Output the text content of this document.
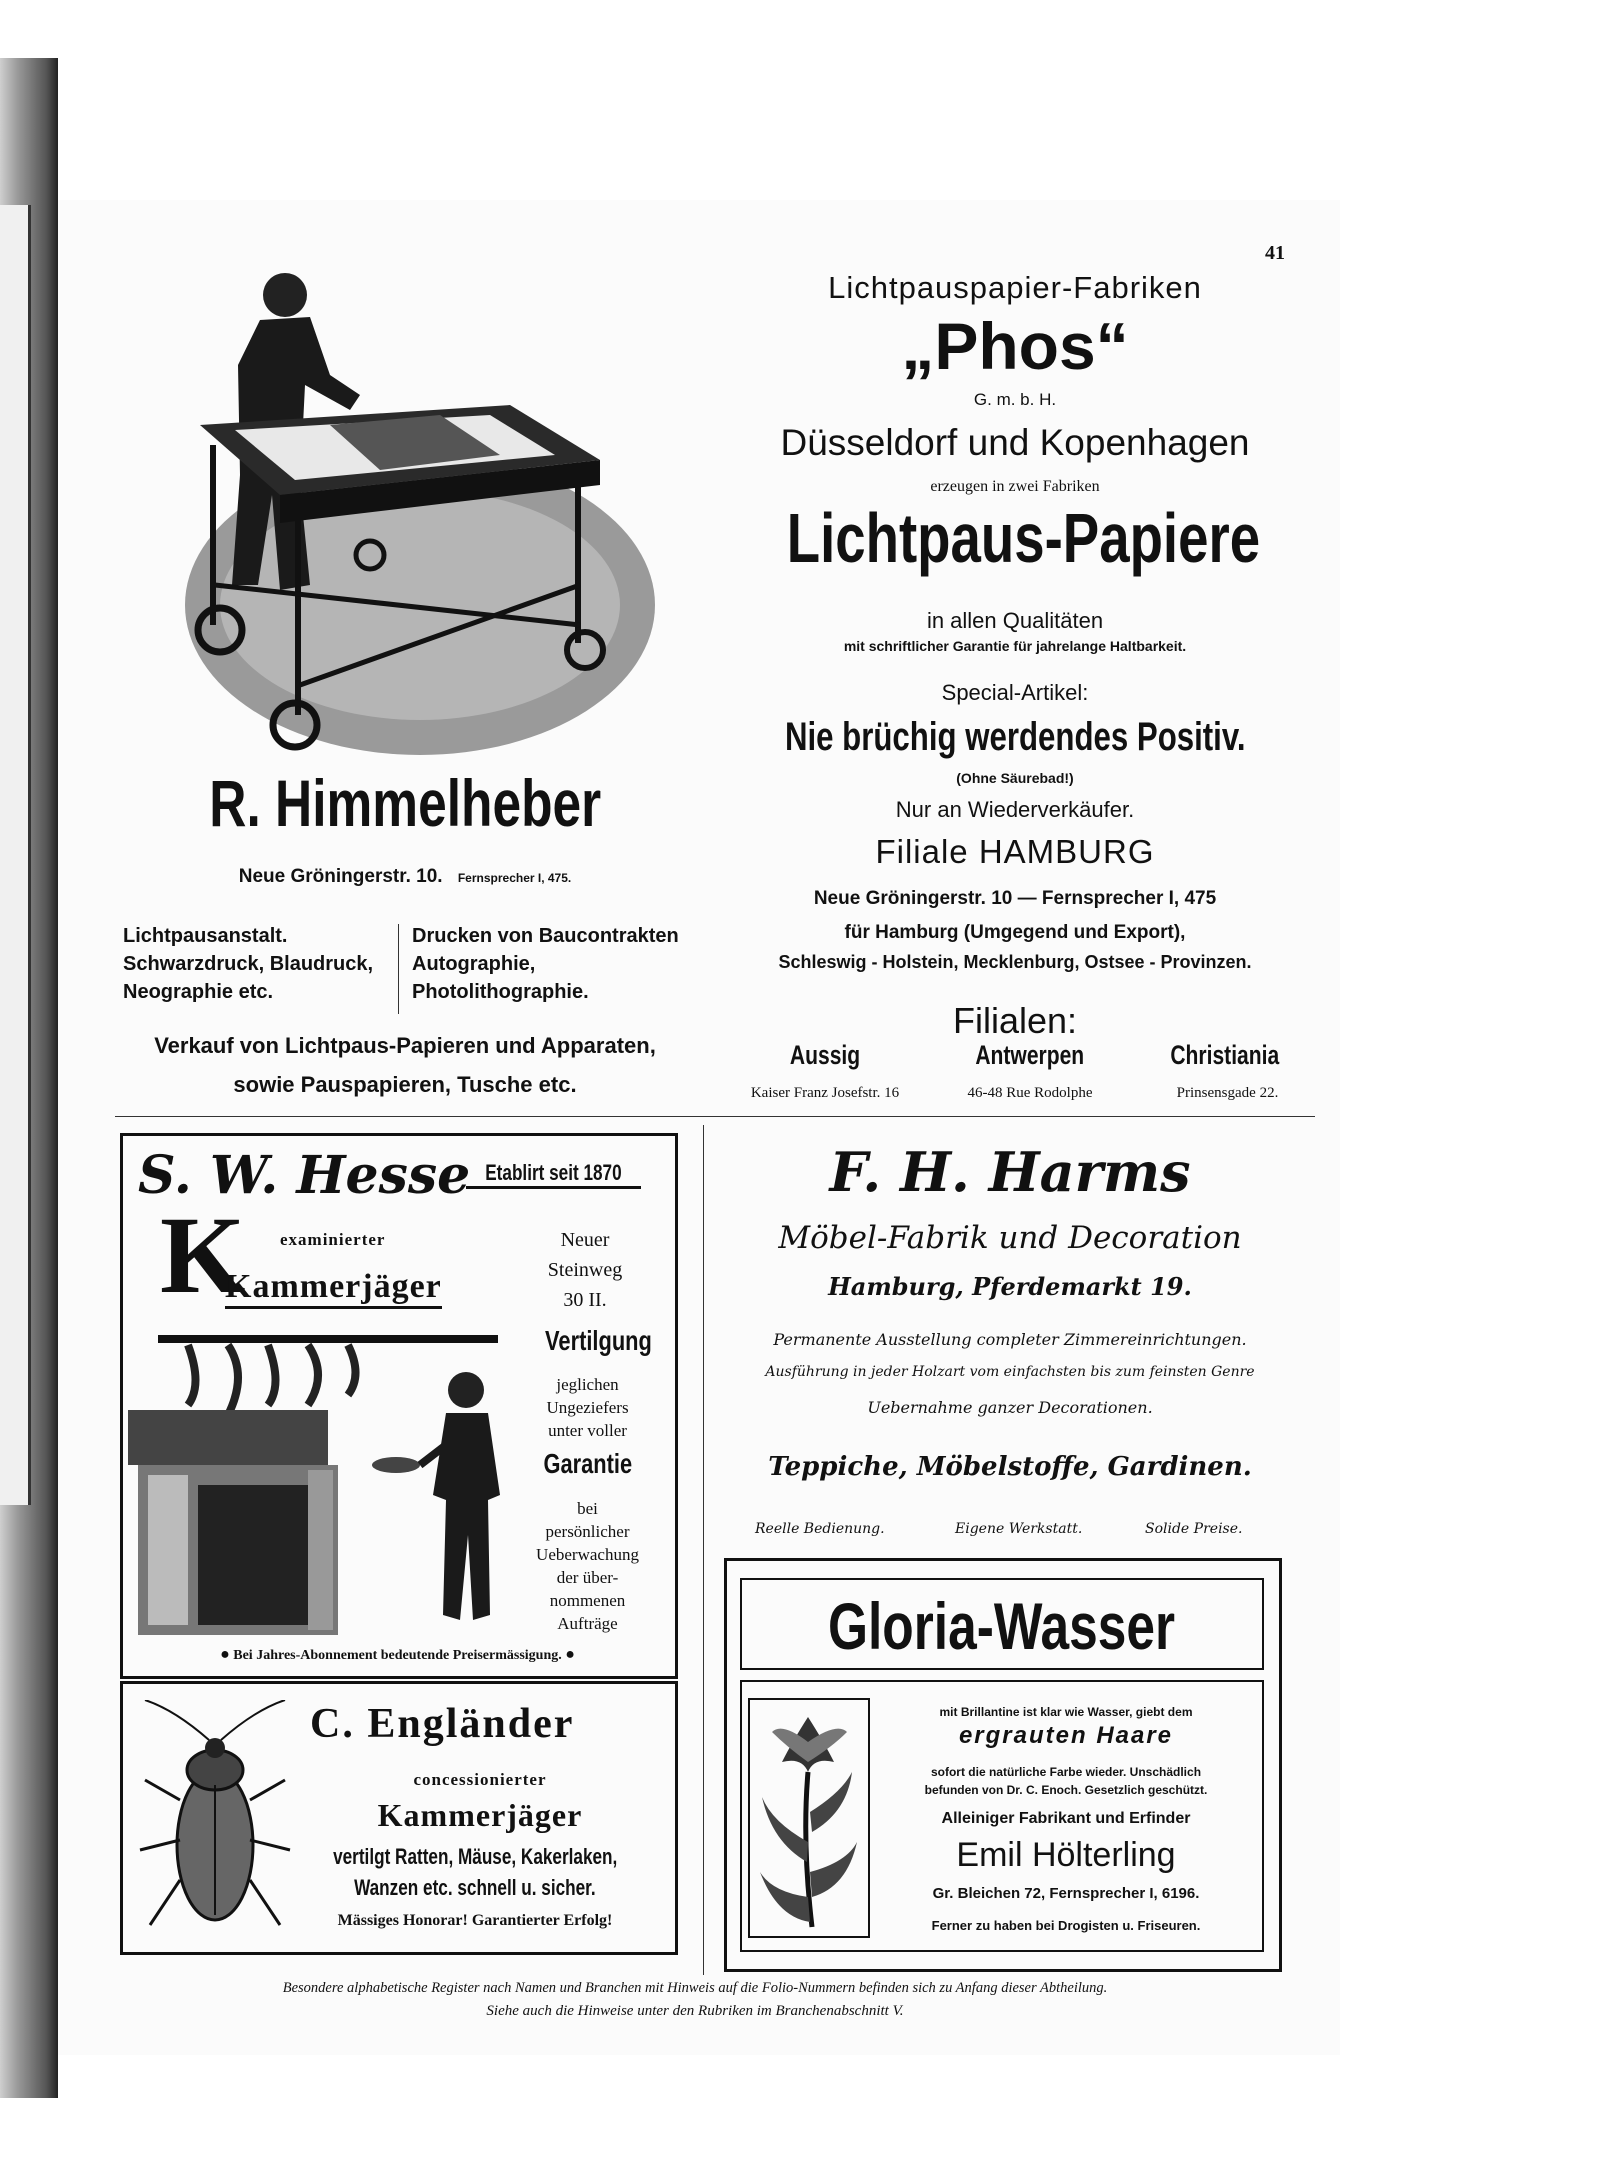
41
R. Himmelheber
Neue Gröningerstr. 10. Fernsprecher I, 475.
Lichtpausanstalt.
Schwarzdruck, Blaudruck,
Neographie etc.
Drucken von Baucontrakten
Autographie,
Photolithographie.
Verkauf von Lichtpaus-Papieren und Apparaten,
sowie Pauspapieren, Tusche etc.
Lichtpauspapier-Fabriken
„Phos“
G. m. b. H.
Düsseldorf und Kopenhagen
erzeugen in zwei Fabriken
Lichtpaus-Papiere
in allen Qualitäten
mit schriftlicher Garantie für jahrelange Haltbarkeit.
Special-Artikel:
Nie brüchig werdendes Positiv.
(Ohne Säurebad!)
Nur an Wiederverkäufer.
Filiale HAMBURG
Neue Gröningerstr. 10 — Fernsprecher I, 475
für Hamburg (Umgegend und Export),
Schleswig - Holstein, Mecklenburg, Ostsee - Provinzen.
Filialen:
Aussig	Antwerpen	Christiania
Kaiser Franz Josefstr. 16	46-48 Rue Rodolphe	Prinsensgade 22.
S. W. Hesse Etablirt seit 1870
K examinierter
Kammerjäger
Neuer
Steinweg
30 II.
Vertilgung
jeglichen
Ungeziefers
unter voller
Garantie
bei
persönlicher
Ueberwachung
der über-
nommenen
Aufträge
● Bei Jahres-Abonnement bedeutende Preisermässigung. ●
C. Engländer
concessionierter
Kammerjäger
vertilgt Ratten, Mäuse, Kakerlaken,
Wanzen etc. schnell u. sicher.
Mässiges Honorar! Garantierter Erfolg!
F. H. Harms
Möbel-Fabrik und Decoration
Hamburg, Pferdemarkt 19.
Permanente Ausstellung completer Zimmereinrichtungen.
Ausführung in jeder Holzart vom einfachsten bis zum feinsten Genre
Uebernahme ganzer Decorationen.
Teppiche, Möbelstoffe, Gardinen.
Reelle Bedienung.	Eigene Werkstatt.	Solide Preise.
Gloria-Wasser
mit Brillantine ist klar wie Wasser, giebt dem
ergrauten Haare
sofort die natürliche Farbe wieder. Unschädlich
befunden von Dr. C. Enoch. Gesetzlich geschützt.
Alleiniger Fabrikant und Erfinder
Emil Hölterling
Gr. Bleichen 72, Fernsprecher I, 6196.
Ferner zu haben bei Drogisten u. Friseuren.
Besondere alphabetische Register nach Namen und Branchen mit Hinweis auf die Folio-Nummern befinden sich zu Anfang dieser Abtheilung.
Siehe auch die Hinweise unter den Rubriken im Branchenabschnitt V.
